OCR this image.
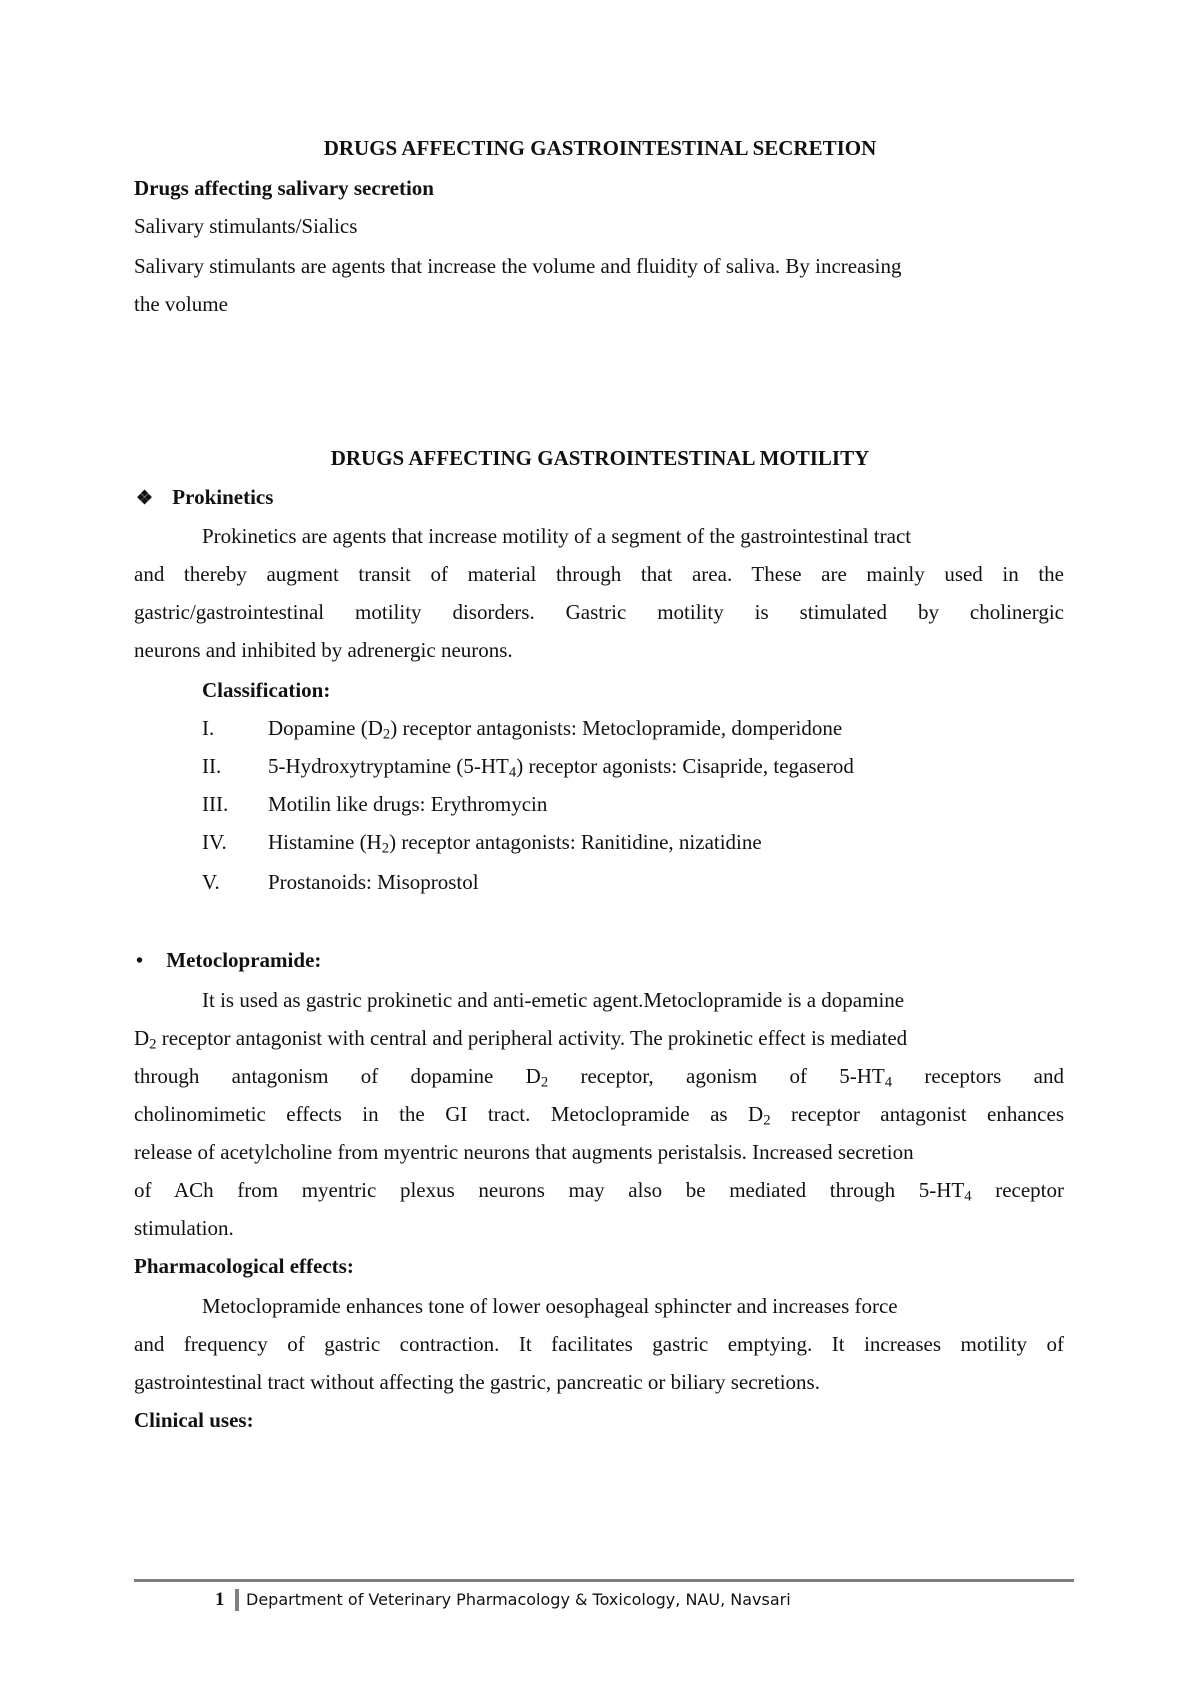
DRUGS AFFECTING GASTROINTESTINAL SECRETION
Drugs affecting salivary secretion
Salivary stimulants/Sialics
Salivary stimulants are agents that increase the volume and fluidity of saliva. By increasing
the volume
DRUGS AFFECTING GASTROINTESTINAL MOTILITY
❖ Prokinetics
Prokinetics are agents that increase motility of a segment of the gastrointestinal tract
and thereby augment transit of material through that area. These are mainly used in the
gastric/gastrointestinal motility disorders. Gastric motility is stimulated by cholinergic
neurons and inhibited by adrenergic neurons.
Classification:
I.	Dopamine $(D_2)$ receptor antagonists: Metoclopramide, domperidone
II. 5-Hydroxytryptamine $(5-HT_4)$ receptor agonists: Cisapride, tegaserod
III. Motilin like drugs: Erythromycin
IV. Histamine $(H_2)$ receptor antagonists: Ranitidine, nizatidine
V. Prostanoids: Misoprostol
• Metoclopramide:
It is used as gastric prokinetic and anti-emetic agent.Metoclopramide is a dopamine
$D_2$ receptor antagonist with central and peripheral activity. The prokinetic effect is mediated
through antagonism of dopamine $D_2$ receptor, agonism of $5-HT_4$ receptors and
cholinomimetic effects in the GI tract. Metoclopramide as $D_2$ receptor antagonist enhances
release of acetylcholine from myentric neurons that augments peristalsis. Increased secretion
of ACh from myentric plexus neurons may also be mediated through $5-HT_4$ receptor
stimulation.
Pharmacological effects:
Metoclopramide enhances tone of lower oesophageal sphincter and increases force
and frequency of gastric contraction. It facilitates gastric emptying. It increases motility of
gastrointestinal tract without affecting the gastric, pancreatic or biliary secretions.
Clinical uses:
1 Department of Veterinary Pharmacology & Toxicology, NAU, Navsari
